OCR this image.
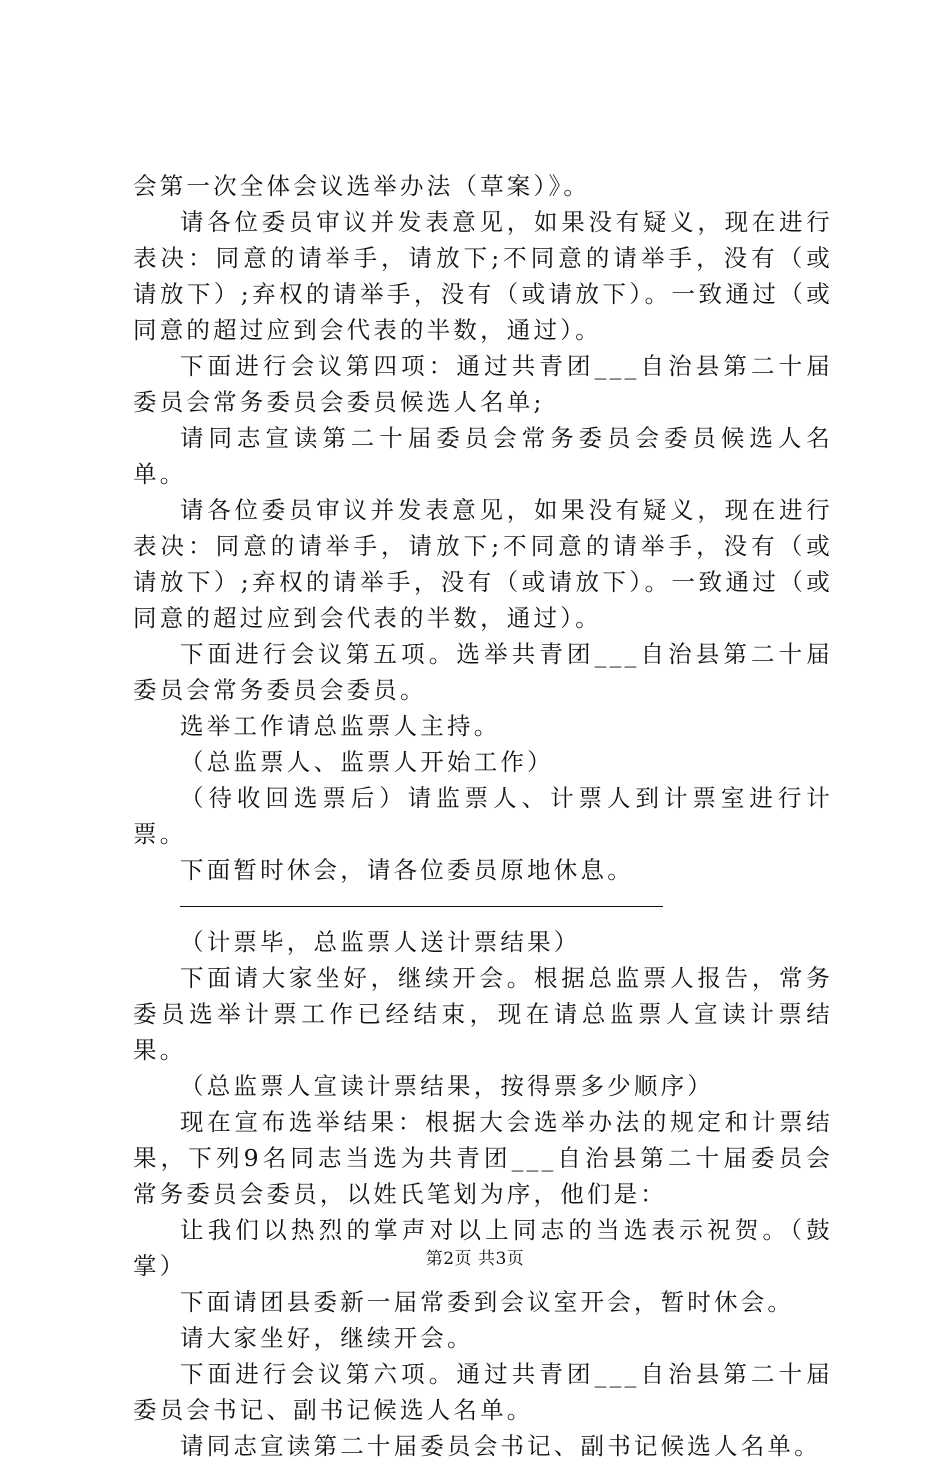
会第一次全体会议选举办法（草案）》。

请各位委员审议并发表意见，如果没有疑义，现在进行表决：同意的请举手，请放下;不同意的请举手，没有（或请放下）;弃权的请举手，没有（或请放下）。一致通过（或同意的超过应到会代表的半数，通过）。

下面进行会议第四项：通过共青团___自治县第二十届委员会常务委员会委员候选人名单;

请同志宣读第二十届委员会常务委员会委员候选人名单。

请各位委员审议并发表意见，如果没有疑义，现在进行表决：同意的请举手，请放下;不同意的请举手，没有（或请放下）;弃权的请举手，没有（或请放下）。一致通过（或同意的超过应到会代表的半数，通过）。

下面进行会议第五项。选举共青团___自治县第二十届委员会常务委员会委员。

选举工作请总监票人主持。

（总监票人、监票人开始工作）

（待收回选票后）请监票人、计票人到计票室进行计票。

下面暂时休会，请各位委员原地休息。

（计票毕，总监票人送计票结果）

下面请大家坐好，继续开会。根据总监票人报告，常务委员选举计票工作已经结束，现在请总监票人宣读计票结果。

（总监票人宣读计票结果，按得票多少顺序）

现在宣布选举结果：根据大会选举办法的规定和计票结果，下列9名同志当选为共青团___自治县第二十届委员会常务委员会委员，以姓氏笔划为序，他们是：

让我们以热烈的掌声对以上同志的当选表示祝贺。（鼓掌）

下面请团县委新一届常委到会议室开会，暂时休会。

请大家坐好，继续开会。

下面进行会议第六项。通过共青团___自治县第二十届委员会书记、副书记候选人名单。

请同志宣读第二十届委员会书记、副书记候选人名单。

第2页 共3页
